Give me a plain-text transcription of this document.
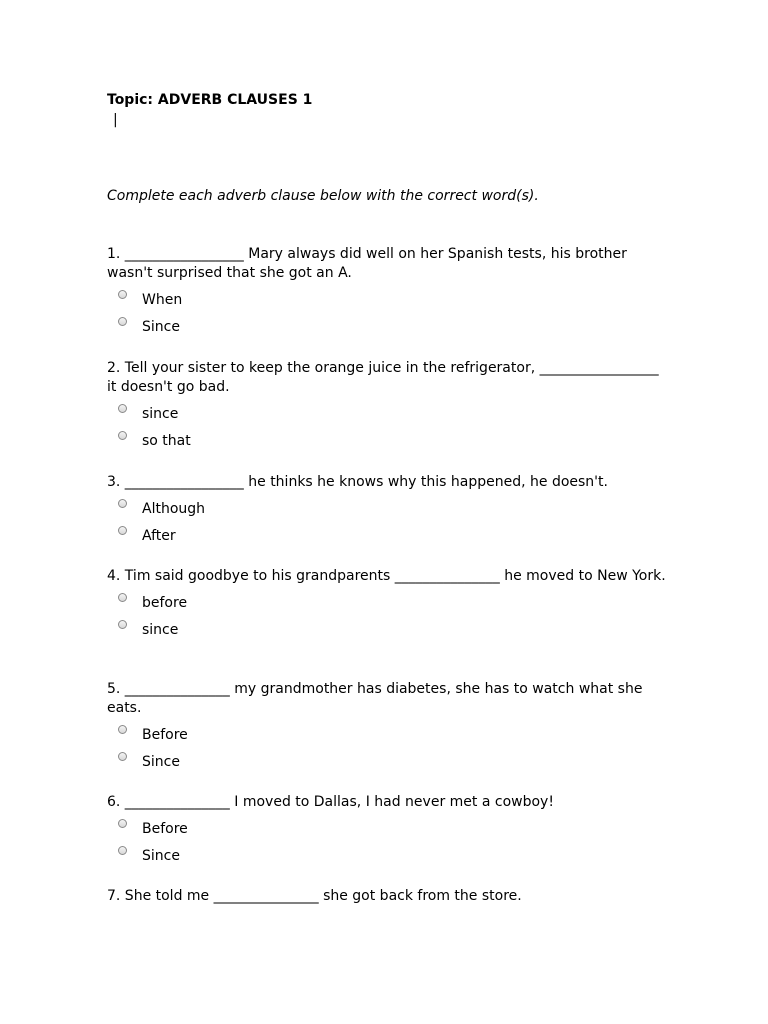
Topic: ADVERB CLAUSES 1
|
Complete each adverb clause below with the correct word(s).

1. _________________ Mary always did well on her Spanish tests, his brother wasn't surprised that she got an A.

When
Since

2. Tell your sister to keep the orange juice in the refrigerator, _________________ it doesn't go bad.

since
so that

3. _________________ he thinks he knows why this happened, he doesn't.

Although
After

4. Tim said goodbye to his grandparents _______________ he moved to New York.

before
since

5. _______________ my grandmother has diabetes, she has to watch what she eats.

Before
Since

6. _______________ I moved to Dallas, I had never met a cowboy!

Before
Since

7. She told me _______________ she got back from the store.
